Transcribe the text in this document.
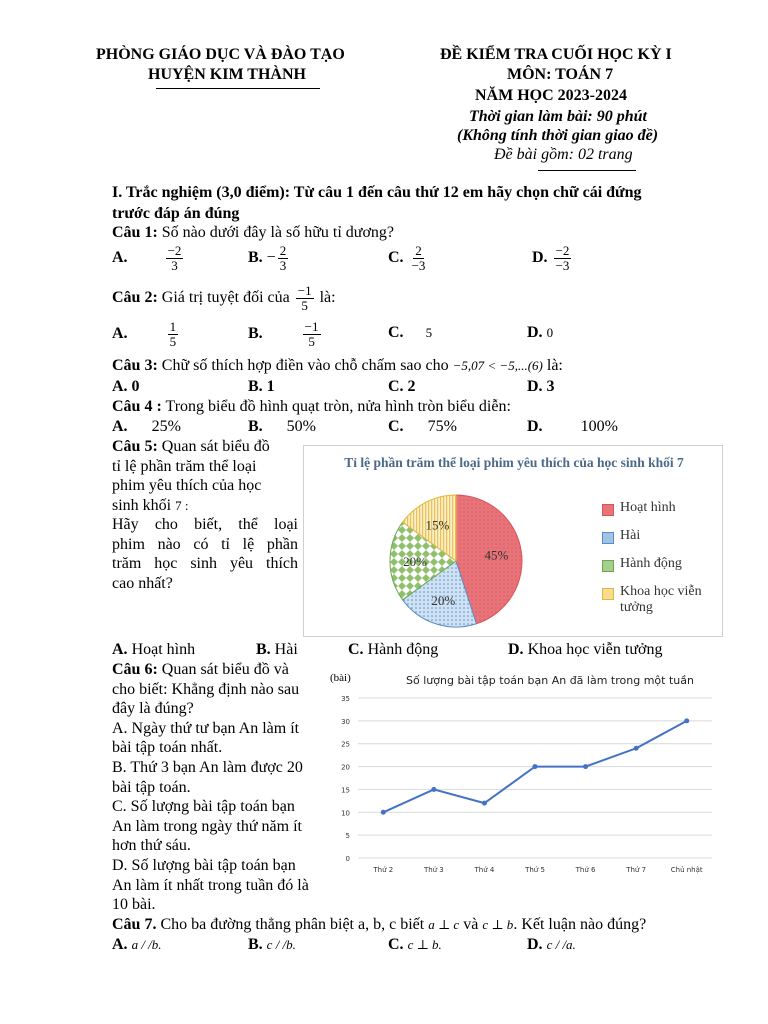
PHÒNG GIÁO DỤC VÀ ĐÀO TẠO
HUYỆN KIM THÀNH
ĐỀ KIỂM TRA CUỐI HỌC KỲ I
MÔN: TOÁN 7
NĂM HỌC 2023-2024
Thời gian làm bài: 90 phút
(Không tính thời gian giao đề)
Đề bài gồm: 02 trang
I. Trắc nghiệm (3,0 điểm): Từ câu 1 đến câu thứ 12 em hãy chọn chữ cái đứng
trước đáp án đúng
Câu 1: Số nào dưới đây là số hữu tỉ dương?
A.	$\frac{-2}{3}$	B. − $\frac{2}{3}$	C. $\frac{2}{-3}$	D. $\frac{-2}{-3}$
Câu 2: Giá trị tuyệt đối của $\frac{-1}{5}$ là:
A.	$\frac{1}{5}$	B.	$\frac{-1}{5}$	C. 5	D. 0
Câu 3: Chữ số thích hợp điền vào chỗ chấm sao cho −5,07 < −5,...(6) là:
A. 0	B. 1	C. 2	D. 3
Câu 4 : Trong biểu đồ hình quạt tròn, nửa hình tròn biểu diễn:
A. 25%	B. 50%	C. 75%	D. 100%
Câu 5: Quan sát biểu đồ
tỉ lệ phần trăm thể loại
phim yêu thích của học
sinh khối 7 :
Hãy cho biết, thể loại
phim nào có tỉ lệ phần
trăm học sinh yêu thích
cao nhất?
Tỉ lệ phần trăm thể loại phim yêu thích của học sinh khối 7
45%
20%
20%
15%
Hoạt hình
Hài
Hành động
Khoa học viễn tưởng
A. Hoạt hình	B. Hài	C. Hành động	D. Khoa học viễn tưởng
Câu 6: Quan sát biểu đồ và
cho biết: Khẳng định nào sau
đây là đúng?
A. Ngày thứ tư bạn An làm ít
bài tập toán nhất.
B. Thứ 3 bạn An làm được 20
bài tập toán.
C. Số lượng bài tập toán bạn
An làm trong ngày thứ năm ít
hơn thứ sáu.
D. Số lượng bài tập toán bạn
An làm ít nhất trong tuần đó là
10 bài.
Số lượng bài tập toán bạn An đã làm trong một tuần
(bài)
0
5
10
15
20
25
30
35
Thứ 2	Thứ 3	Thứ 4	Thứ 5	Thứ 6	Thứ 7	Chủ nhật
Câu 7. Cho ba đường thẳng phân biệt a, b, c biết a ⊥ c và c ⊥ b. Kết luận nào đúng?
A. a / /b.	B. c / /b.	C. c ⊥ b.	D. c / /a.
